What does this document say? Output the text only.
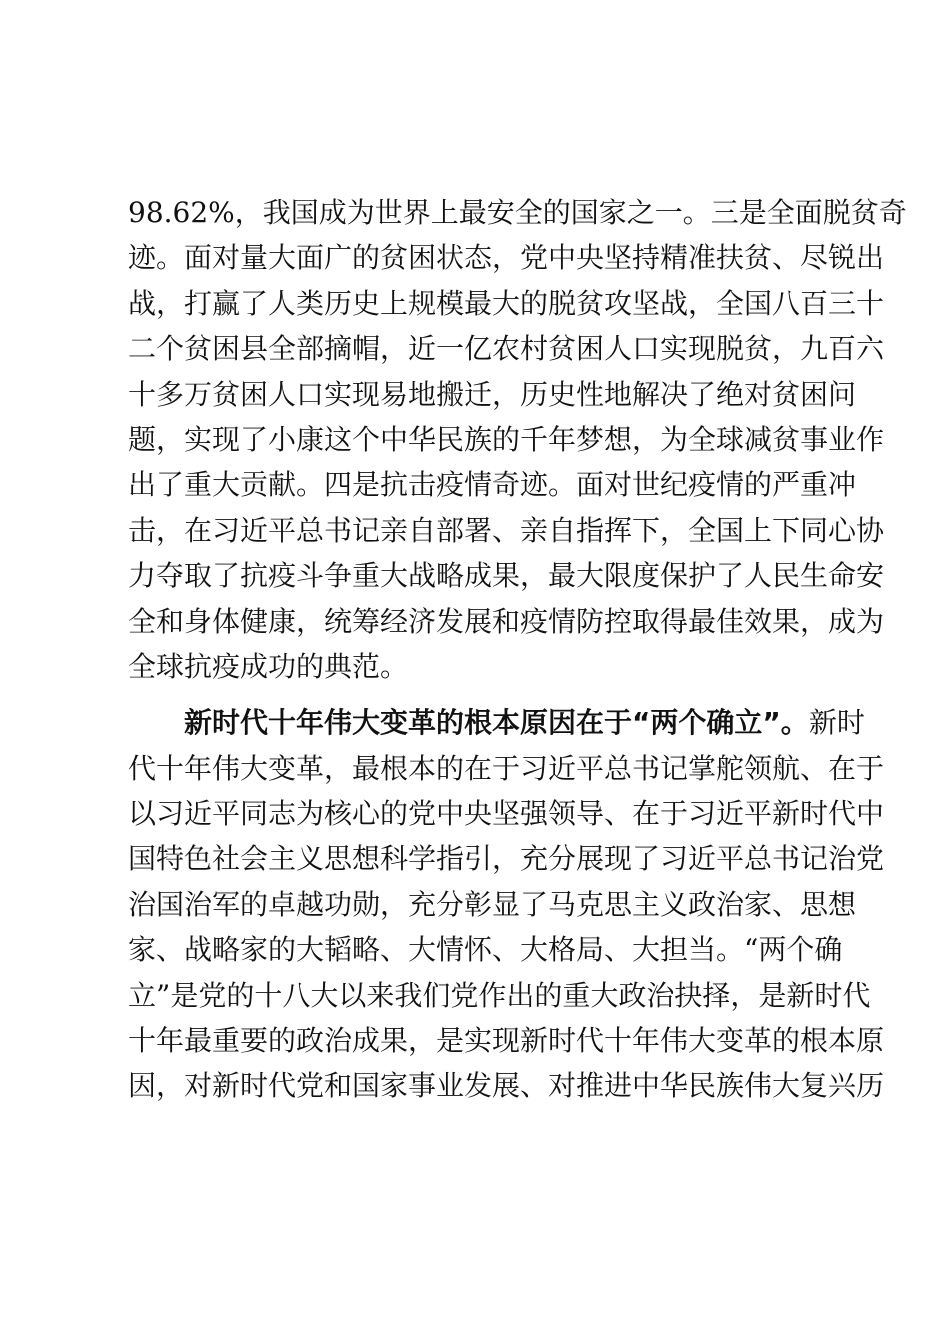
98.62%，我国成为世界上最安全的国家之一。三是全面脱贫奇
迹。面对量大面广的贫困状态，党中央坚持精准扶贫、尽锐出
战，打赢了人类历史上规模最大的脱贫攻坚战，全国八百三十
二个贫困县全部摘帽，近一亿农村贫困人口实现脱贫，九百六
十多万贫困人口实现易地搬迁，历史性地解决了绝对贫困问
题，实现了小康这个中华民族的千年梦想，为全球减贫事业作
出了重大贡献。四是抗击疫情奇迹。面对世纪疫情的严重冲
击，在习近平总书记亲自部署、亲自指挥下，全国上下同心协
力夺取了抗疫斗争重大战略成果，最大限度保护了人民生命安
全和身体健康，统筹经济发展和疫情防控取得最佳效果，成为
全球抗疫成功的典范。
新时代十年伟大变革的根本原因在于“两个确立”。新时
代十年伟大变革，最根本的在于习近平总书记掌舵领航、在于
以习近平同志为核心的党中央坚强领导、在于习近平新时代中
国特色社会主义思想科学指引，充分展现了习近平总书记治党
治国治军的卓越功勋，充分彰显了马克思主义政治家、思想
家、战略家的大韬略、大情怀、大格局、大担当。“两个确
立”是党的十八大以来我们党作出的重大政治抉择，是新时代
十年最重要的政治成果，是实现新时代十年伟大变革的根本原
因，对新时代党和国家事业发展、对推进中华民族伟大复兴历
